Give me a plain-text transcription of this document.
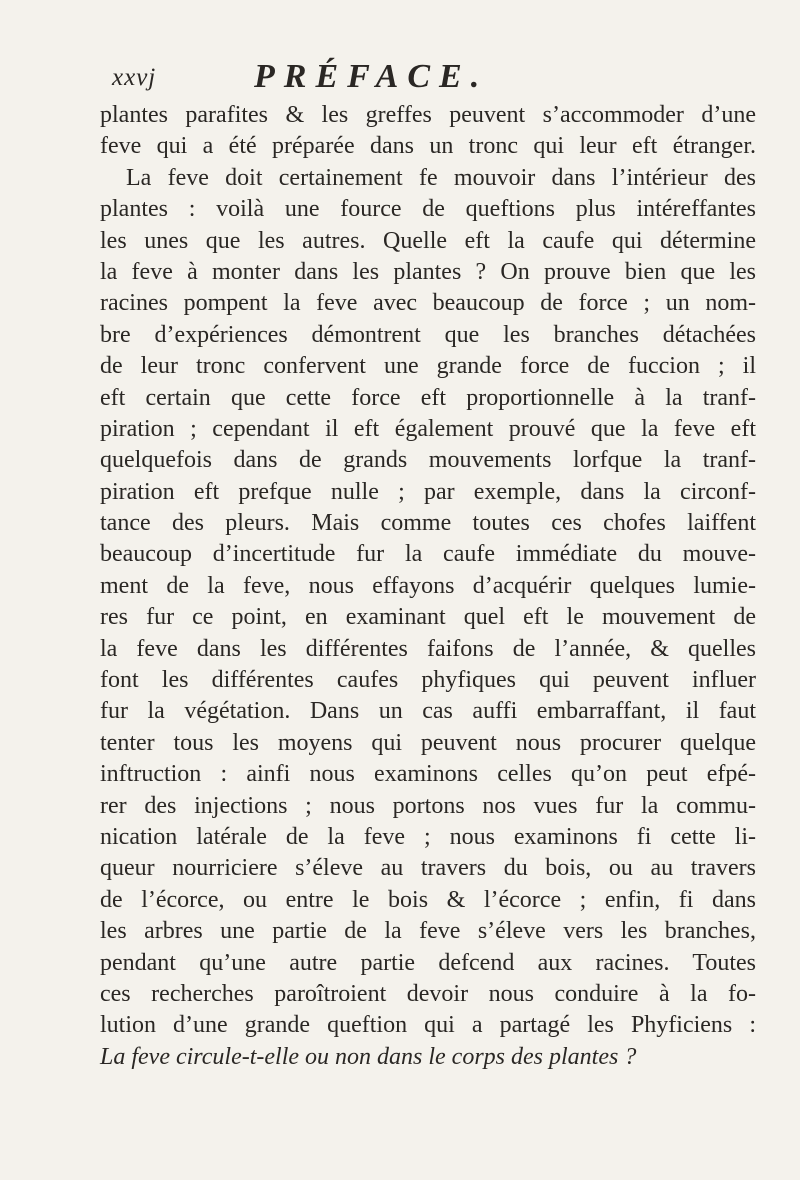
xxvj	PRÉFACE.
plantes parafites & les greffes peuvent s’accommoder d’une
feve qui a été préparée dans un tronc qui leur eft étranger.
La feve doit certainement fe mouvoir dans l’intérieur des
plantes : voilà une fource de queftions plus intéreffantes
les unes que les autres. Quelle eft la caufe qui détermine
la feve à monter dans les plantes ? On prouve bien que les
racines pompent la feve avec beaucoup de force ; un nom-
bre d’expériences démontrent que les branches détachées
de leur tronc confervent une grande force de fuccion ; il
eft certain que cette force eft proportionnelle à la tranf-
piration ; cependant il eft également prouvé que la feve eft
quelquefois dans de grands mouvements lorfque la tranf-
piration eft prefque nulle ; par exemple, dans la circonf-
tance des pleurs. Mais comme toutes ces chofes laiffent
beaucoup d’incertitude fur la caufe immédiate du mouve-
ment de la feve, nous effayons d’acquérir quelques lumie-
res fur ce point, en examinant quel eft le mouvement de
la feve dans les différentes faifons de l’année, & quelles
font les différentes caufes phyfiques qui peuvent influer
fur la végétation. Dans un cas auffi embarraffant, il faut
tenter tous les moyens qui peuvent nous procurer quelque
inftruction : ainfi nous examinons celles qu’on peut efpé-
rer des injections ; nous portons nos vues fur la commu-
nication latérale de la feve ; nous examinons fi cette li-
queur nourriciere s’éleve au travers du bois, ou au travers
de l’écorce, ou entre le bois & l’écorce ; enfin, fi dans
les arbres une partie de la feve s’éleve vers les branches,
pendant qu’une autre partie defcend aux racines. Toutes
ces recherches paroîtroient devoir nous conduire à la fo-
lution d’une grande queftion qui a partagé les Phyficiens :
La feve circule-t-elle ou non dans le corps des plantes ?
